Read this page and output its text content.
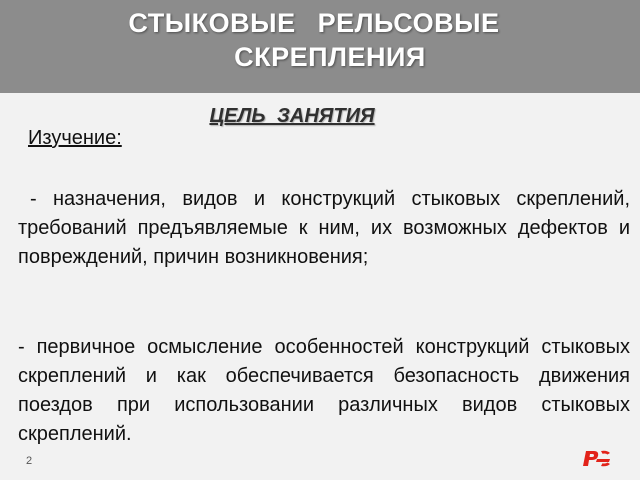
СТЫКОВЫЕ РЕЛЬСОВЫЕ
СКРЕПЛЕНИЯ
ЦЕЛЬ ЗАНЯТИЯ
Изучение:
- назначения, видов и конструкций стыковых скреплений, требований предъявляемые к ним, их возможных дефектов и повреждений, причин возникновения;
- первичное осмысление особенностей конструкций стыковых скреплений и как обеспечивается безопасность движения поездов при использовании различных видов стыковых скреплений.
2
